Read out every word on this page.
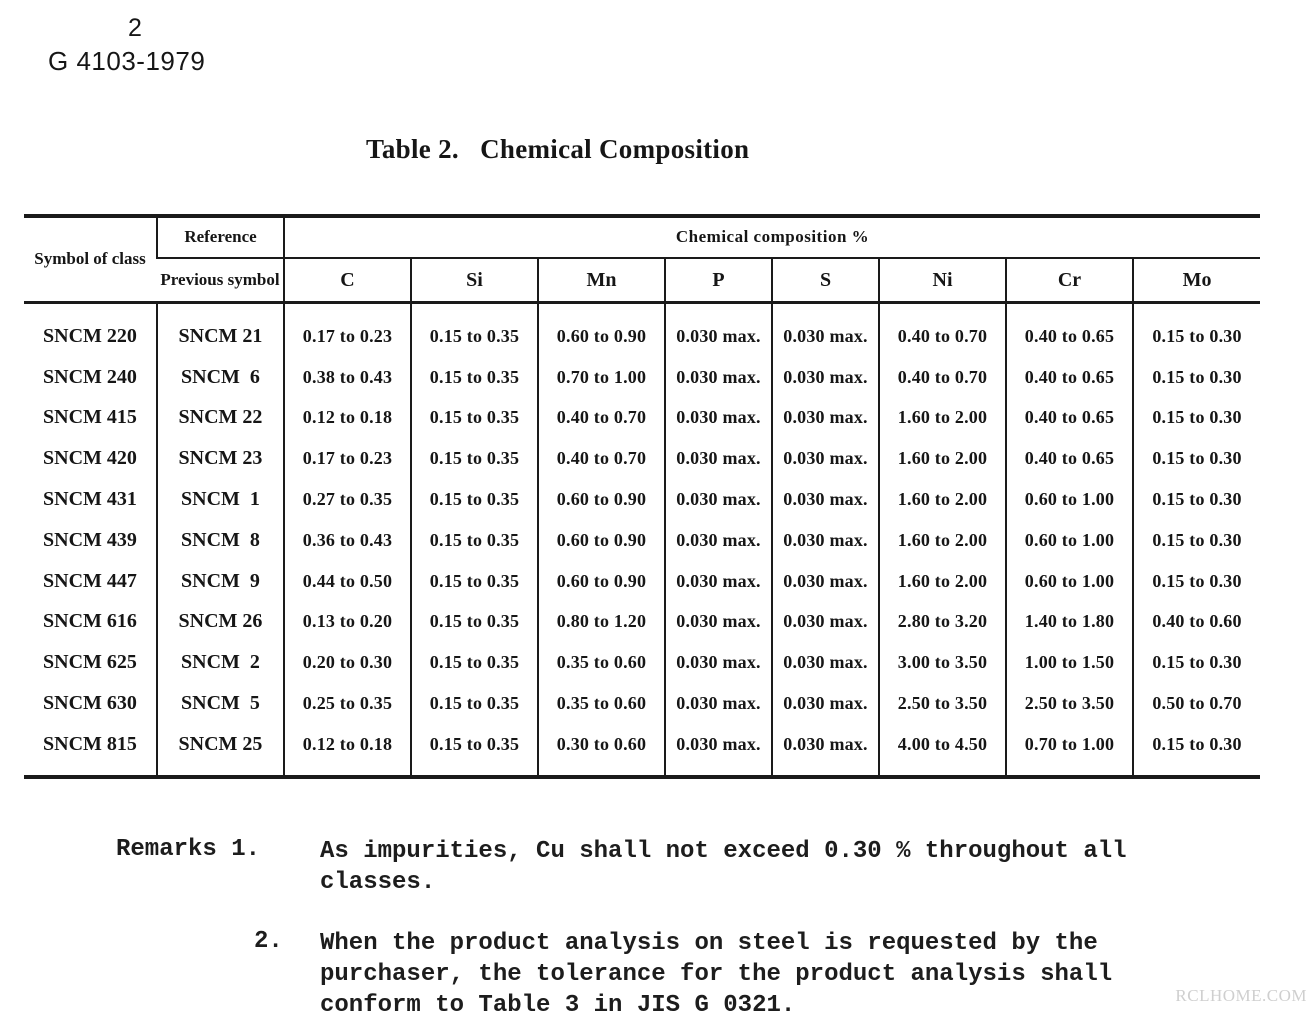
2
G 4103-1979
Table 2.   Chemical Composition
Symbol of class	Reference	Chemical composition %							
	Previous symbol	C	Si	Mn	P	S	Ni	Cr	Mo
SNCM 220	SNCM 21	0.17 to 0.23	0.15 to 0.35	0.60 to 0.90	0.030 max.	0.030 max.	0.40 to 0.70	0.40 to 0.65	0.15 to 0.30
SNCM 240	SNCM  6	0.38 to 0.43	0.15 to 0.35	0.70 to 1.00	0.030 max.	0.030 max.	0.40 to 0.70	0.40 to 0.65	0.15 to 0.30
SNCM 415	SNCM 22	0.12 to 0.18	0.15 to 0.35	0.40 to 0.70	0.030 max.	0.030 max.	1.60 to 2.00	0.40 to 0.65	0.15 to 0.30
SNCM 420	SNCM 23	0.17 to 0.23	0.15 to 0.35	0.40 to 0.70	0.030 max.	0.030 max.	1.60 to 2.00	0.40 to 0.65	0.15 to 0.30
SNCM 431	SNCM  1	0.27 to 0.35	0.15 to 0.35	0.60 to 0.90	0.030 max.	0.030 max.	1.60 to 2.00	0.60 to 1.00	0.15 to 0.30
SNCM 439	SNCM  8	0.36 to 0.43	0.15 to 0.35	0.60 to 0.90	0.030 max.	0.030 max.	1.60 to 2.00	0.60 to 1.00	0.15 to 0.30
SNCM 447	SNCM  9	0.44 to 0.50	0.15 to 0.35	0.60 to 0.90	0.030 max.	0.030 max.	1.60 to 2.00	0.60 to 1.00	0.15 to 0.30
SNCM 616	SNCM 26	0.13 to 0.20	0.15 to 0.35	0.80 to 1.20	0.030 max.	0.030 max.	2.80 to 3.20	1.40 to 1.80	0.40 to 0.60
SNCM 625	SNCM  2	0.20 to 0.30	0.15 to 0.35	0.35 to 0.60	0.030 max.	0.030 max.	3.00 to 3.50	1.00 to 1.50	0.15 to 0.30
SNCM 630	SNCM  5	0.25 to 0.35	0.15 to 0.35	0.35 to 0.60	0.030 max.	0.030 max.	2.50 to 3.50	2.50 to 3.50	0.50 to 0.70
SNCM 815	SNCM 25	0.12 to 0.18	0.15 to 0.35	0.30 to 0.60	0.030 max.	0.030 max.	4.00 to 4.50	0.70 to 1.00	0.15 to 0.30
Remarks 1. As impurities, Cu shall not exceed 0.30 % throughout all classes.
2. When the product analysis on steel is requested by the purchaser, the tolerance for the product analysis shall conform to Table 3 in JIS G 0321.	RCLHOME.COM
